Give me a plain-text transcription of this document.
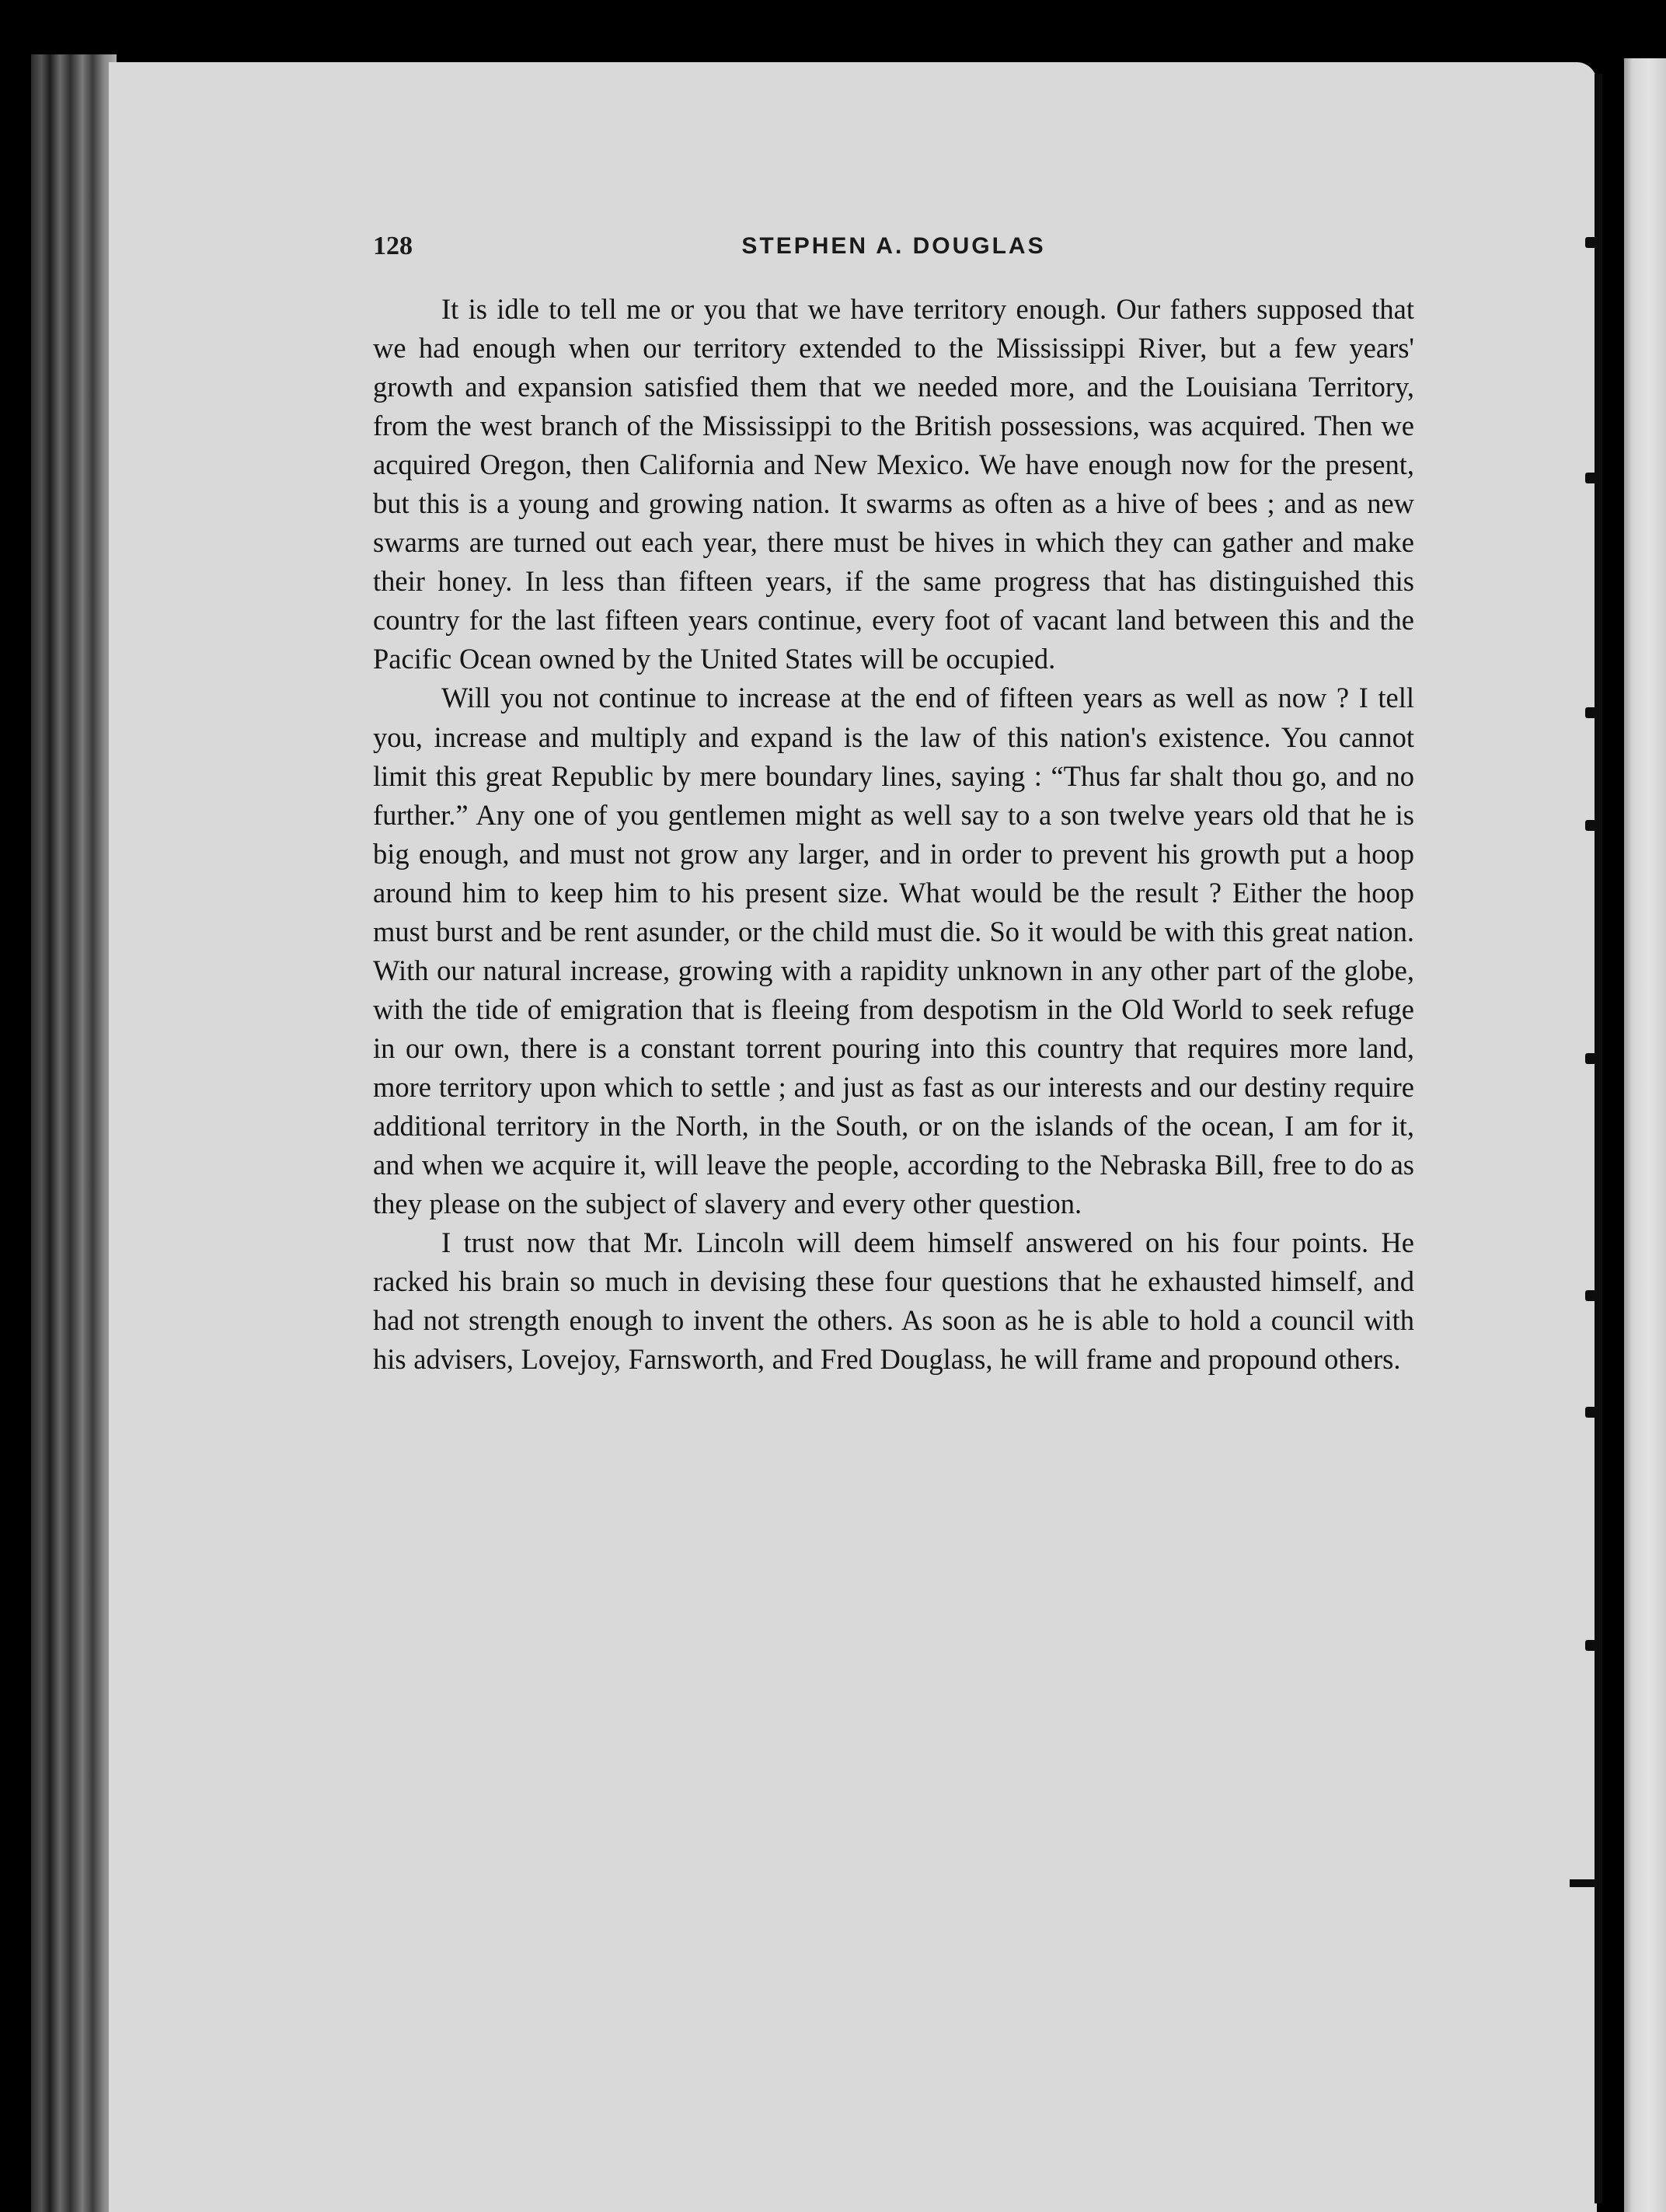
128	STEPHEN A. DOUGLAS

It is idle to tell me or you that we have territory enough. Our fathers supposed that we had enough when our territory extended to the Mississippi River, but a few years' growth and expansion satisfied them that we needed more, and the Louisiana Territory, from the west branch of the Mississippi to the British possessions, was acquired. Then we acquired Oregon, then California and New Mexico. We have enough now for the present, but this is a young and growing nation. It swarms as often as a hive of bees ; and as new swarms are turned out each year, there must be hives in which they can gather and make their honey. In less than fifteen years, if the same progress that has distinguished this country for the last fifteen years continue, every foot of vacant land between this and the Pacific Ocean owned by the United States will be occupied.

Will you not continue to increase at the end of fifteen years as well as now ? I tell you, increase and multiply and expand is the law of this nation's existence. You cannot limit this great Republic by mere boundary lines, saying : “Thus far shalt thou go, and no further.” Any one of you gentlemen might as well say to a son twelve years old that he is big enough, and must not grow any larger, and in order to prevent his growth put a hoop around him to keep him to his present size. What would be the result ? Either the hoop must burst and be rent asunder, or the child must die. So it would be with this great nation. With our natural increase, growing with a rapidity unknown in any other part of the globe, with the tide of emigration that is fleeing from despotism in the Old World to seek refuge in our own, there is a constant torrent pouring into this country that requires more land, more territory upon which to settle ; and just as fast as our interests and our destiny require additional territory in the North, in the South, or on the islands of the ocean, I am for it, and when we acquire it, will leave the people, according to the Nebraska Bill, free to do as they please on the subject of slavery and every other question.

I trust now that Mr. Lincoln will deem himself answered on his four points. He racked his brain so much in devising these four questions that he exhausted himself, and had not strength enough to invent the others. As soon as he is able to hold a council with his advisers, Lovejoy, Farnsworth, and Fred Douglass, he will frame and propound others.
